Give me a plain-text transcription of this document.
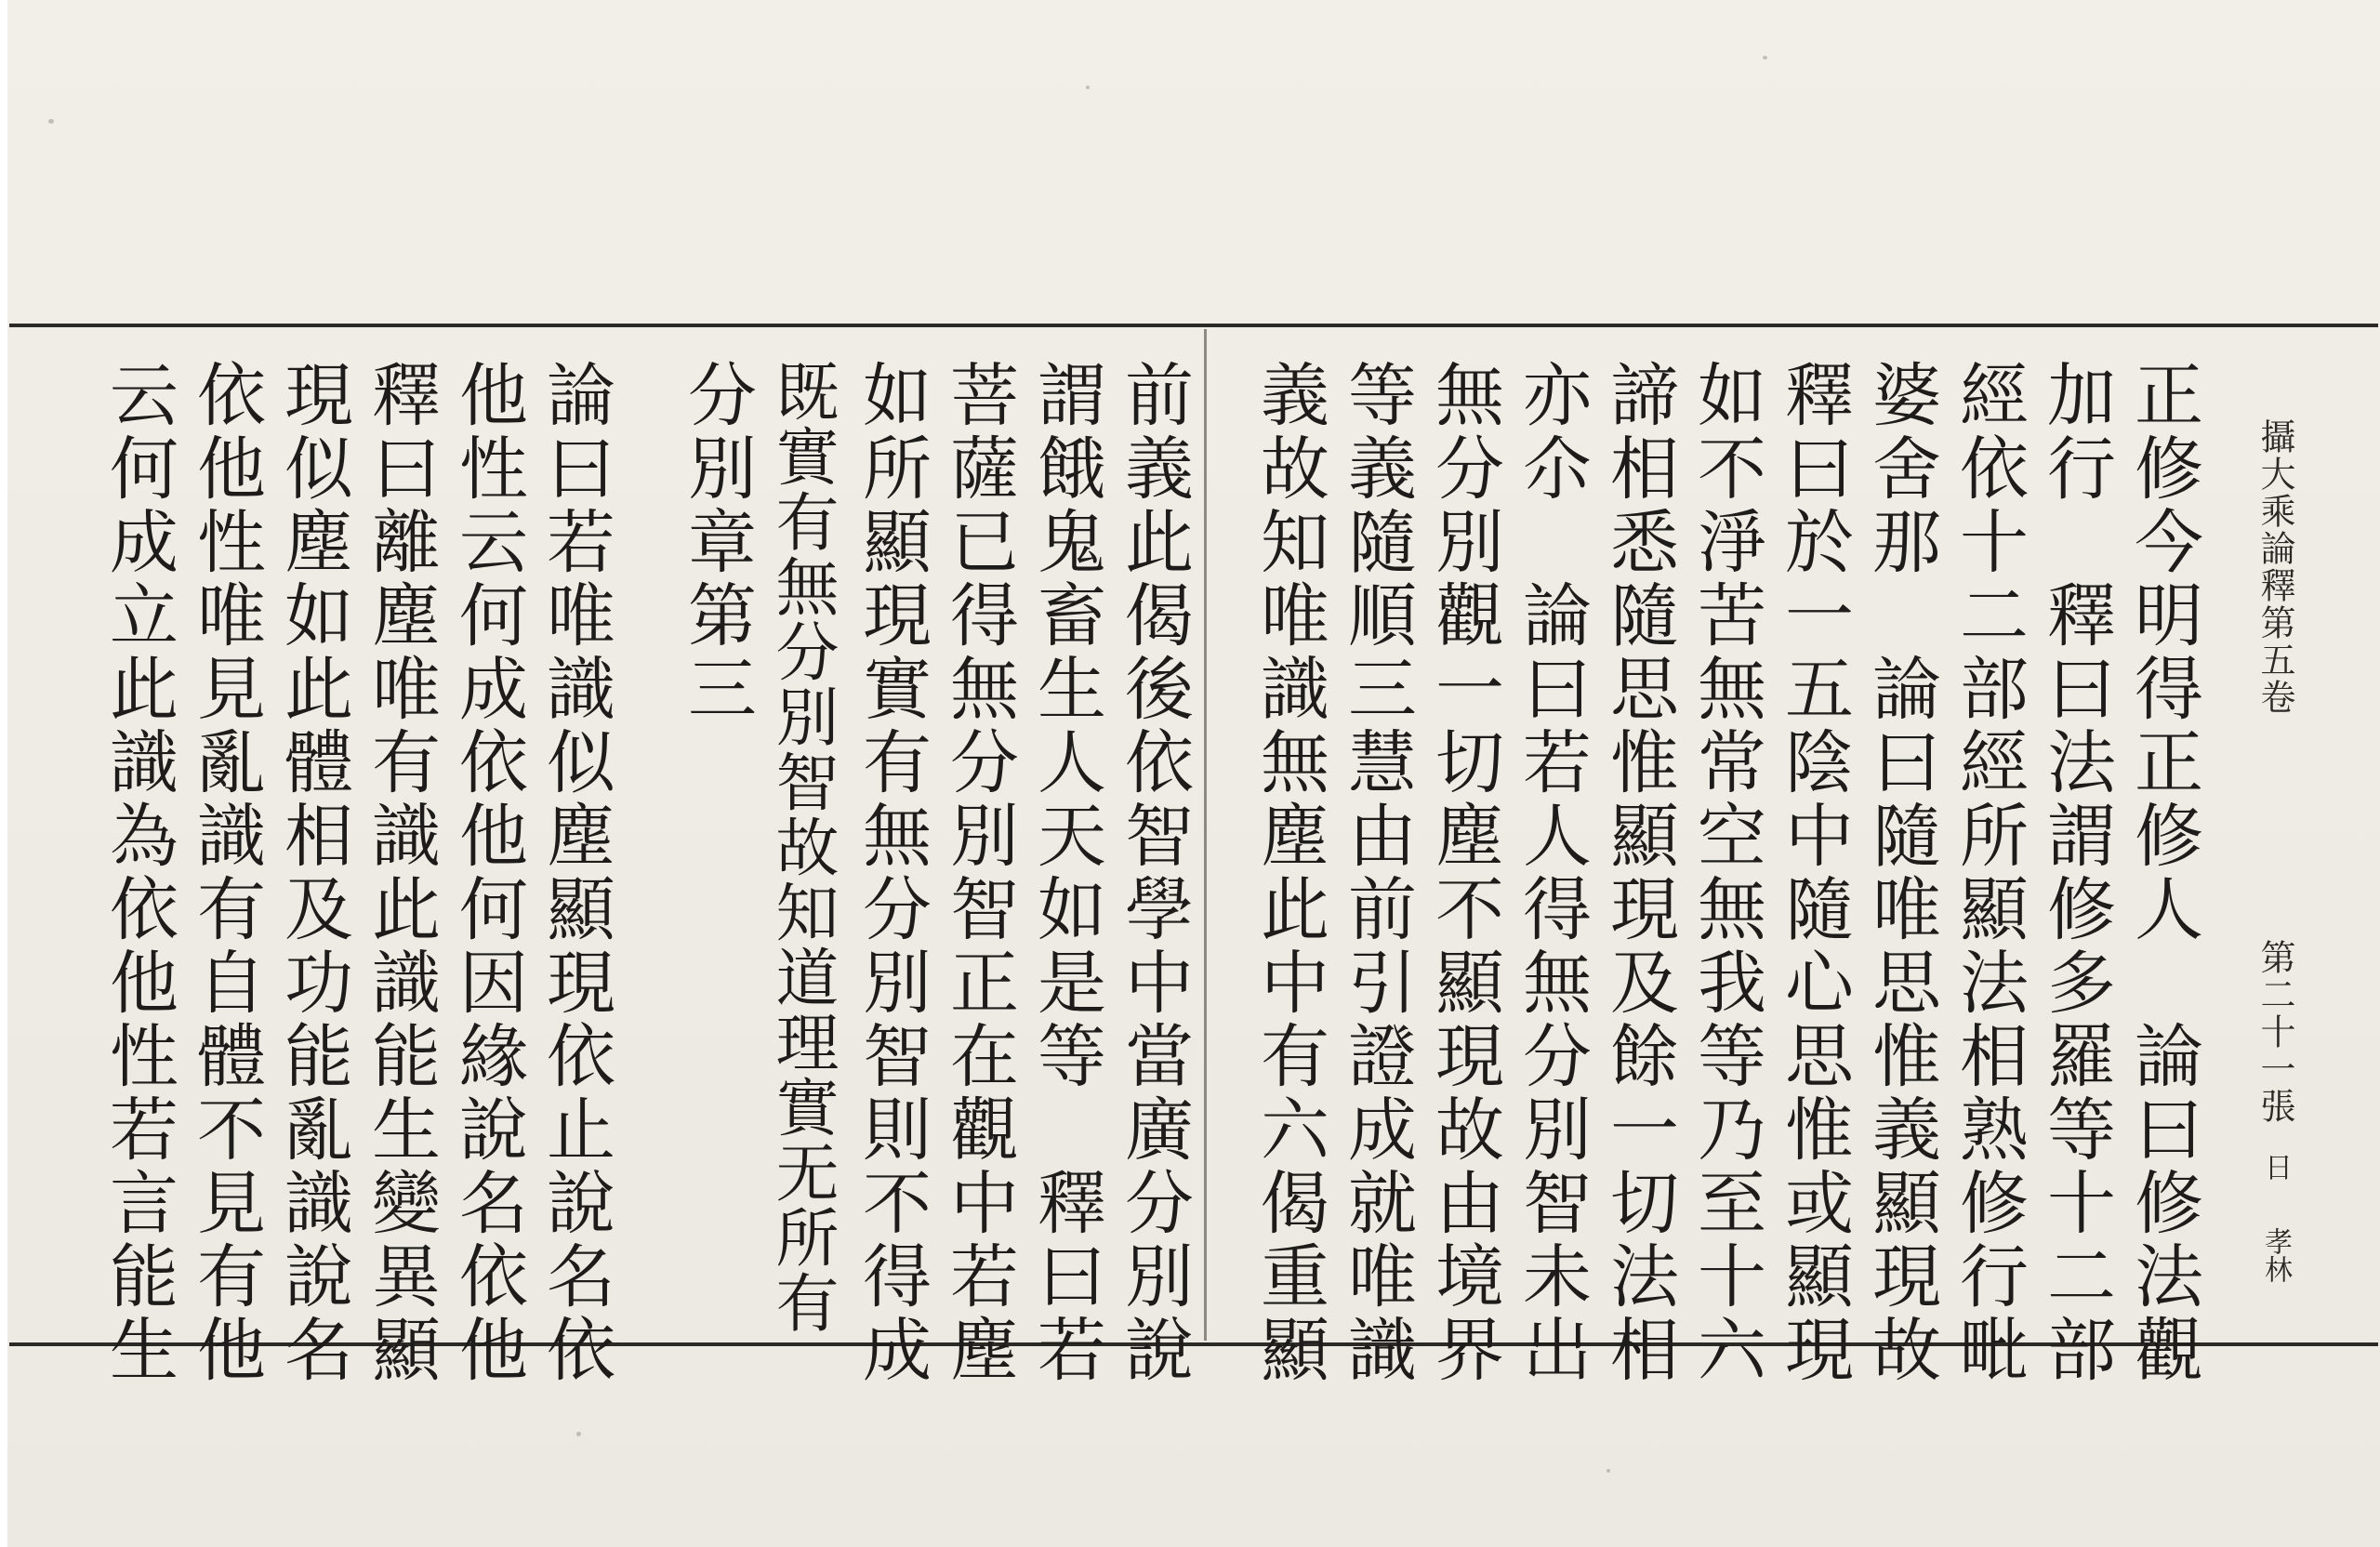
攝大乘論釋第五卷
第二十一張
日
孝林
正修今明得正修人　論曰修法觀
加行　釋曰法謂修多羅等十二部
經依十二部經所顯法相熟修行毗
婆舍那　論曰隨唯思惟義顯現故
釋曰於一五陰中隨心思惟或顯現
如不淨苦無常空無我等乃至十六
諦相悉隨思惟顯現及餘一切法相
亦尒　論曰若人得無分別智未出
無分別觀一切塵不顯現故由境界
等義隨順三慧由前引證成就唯識
義故知唯識無塵此中有六偈重顯
前義此偈後依智學中當廣分別說
謂餓鬼畜生人天如是等　釋曰若
菩薩已得無分別智正在觀中若塵
如所顯現實有無分別智則不得成
既實有無分別智故知道理實无所有
分別章第三
論曰若唯識似塵顯現依止說名依
他性云何成依他何因緣說名依他
釋曰離塵唯有識此識能生變異顯
現似塵如此體相及功能亂識說名
依他性唯見亂識有自體不見有他
云何成立此識為依他性若言能生
